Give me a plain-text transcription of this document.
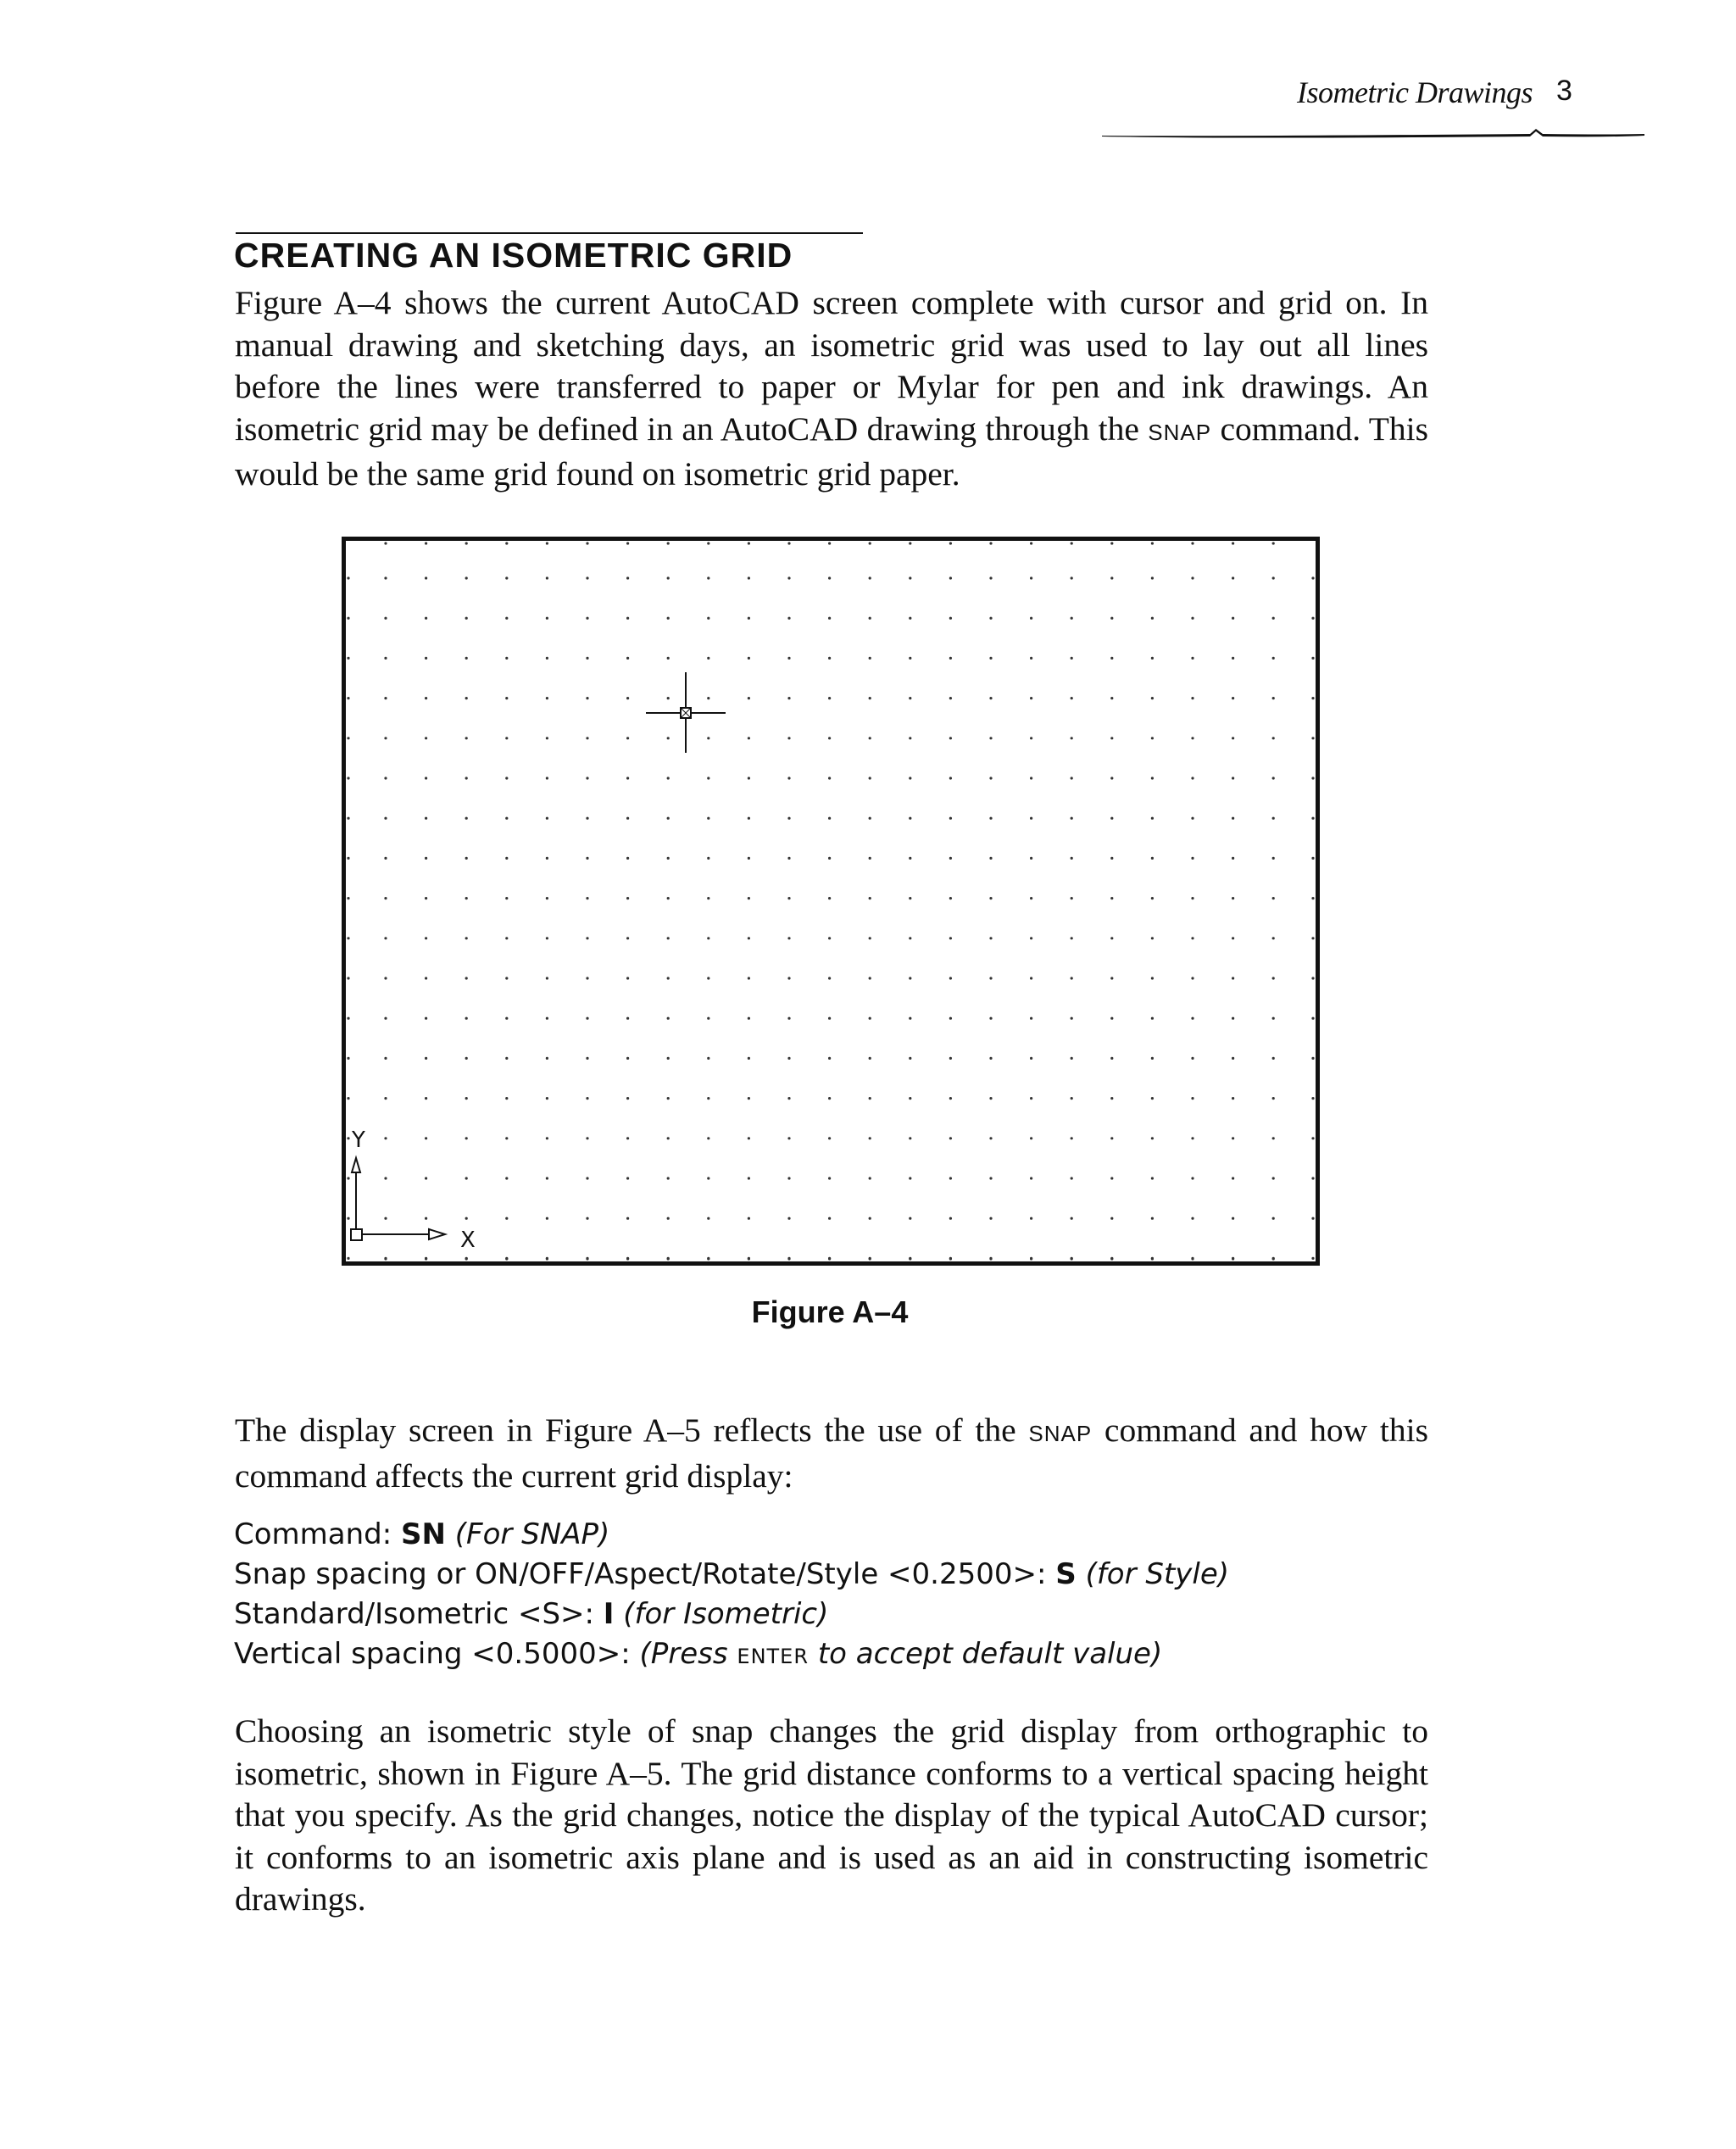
Isometric Drawings 3
CREATING AN ISOMETRIC GRID

Figure A–4 shows the current AutoCAD screen complete with cursor and grid on. In manual drawing and sketching days, an isometric grid was used to lay out all lines before the lines were transferred to paper or Mylar for pen and ink drawings. An isometric grid may be defined in an AutoCAD drawing through the SNAP command. This would be the same grid found on isometric grid paper.

Y
X
Figure A–4

The display screen in Figure A–5 reflects the use of the SNAP command and how this command affects the current grid display:

Command: SN (For SNAP)
Snap spacing or ON/OFF/Aspect/Rotate/Style <0.2500>: S (for Style)
Standard/Isometric <S>: I (for Isometric)
Vertical spacing <0.5000>: (Press ENTER to accept default value)

Choosing an isometric style of snap changes the grid display from orthographic to isometric, shown in Figure A–5. The grid distance conforms to a vertical spacing height that you specify. As the grid changes, notice the display of the typical AutoCAD cursor; it conforms to an isometric axis plane and is used as an aid in constructing isometric drawings.
